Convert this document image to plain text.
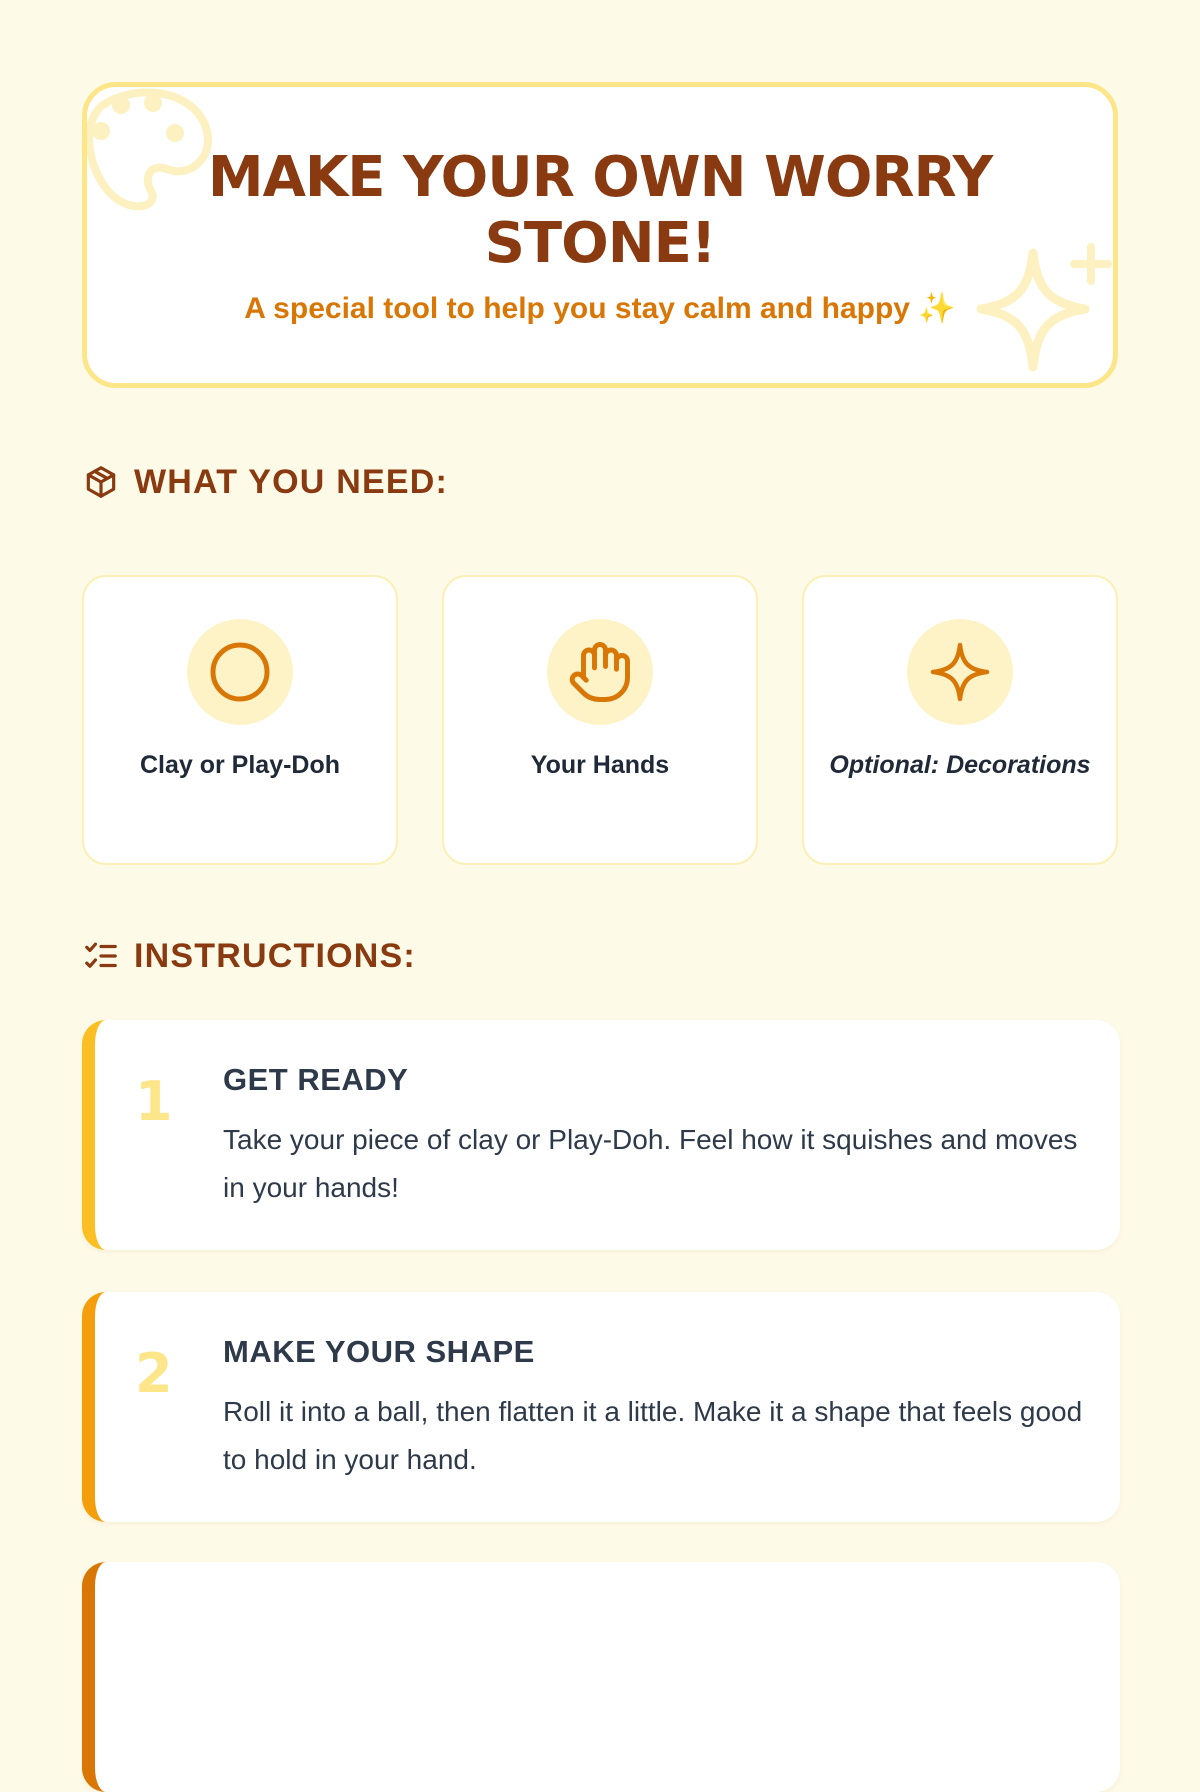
MAKE YOUR OWN WORRY STONE!

A special tool to help you stay calm and happy ✨

WHAT YOU NEED:
Clay or Play-Doh	Your Hands	Optional: Decorations
INSTRUCTIONS:
1 GET READY
Take your piece of clay or Play-Doh. Feel how it squishes and moves in your hands!
2 MAKE YOUR SHAPE
Roll it into a ball, then flatten it a little. Make it a shape that feels good to hold in your hand.
